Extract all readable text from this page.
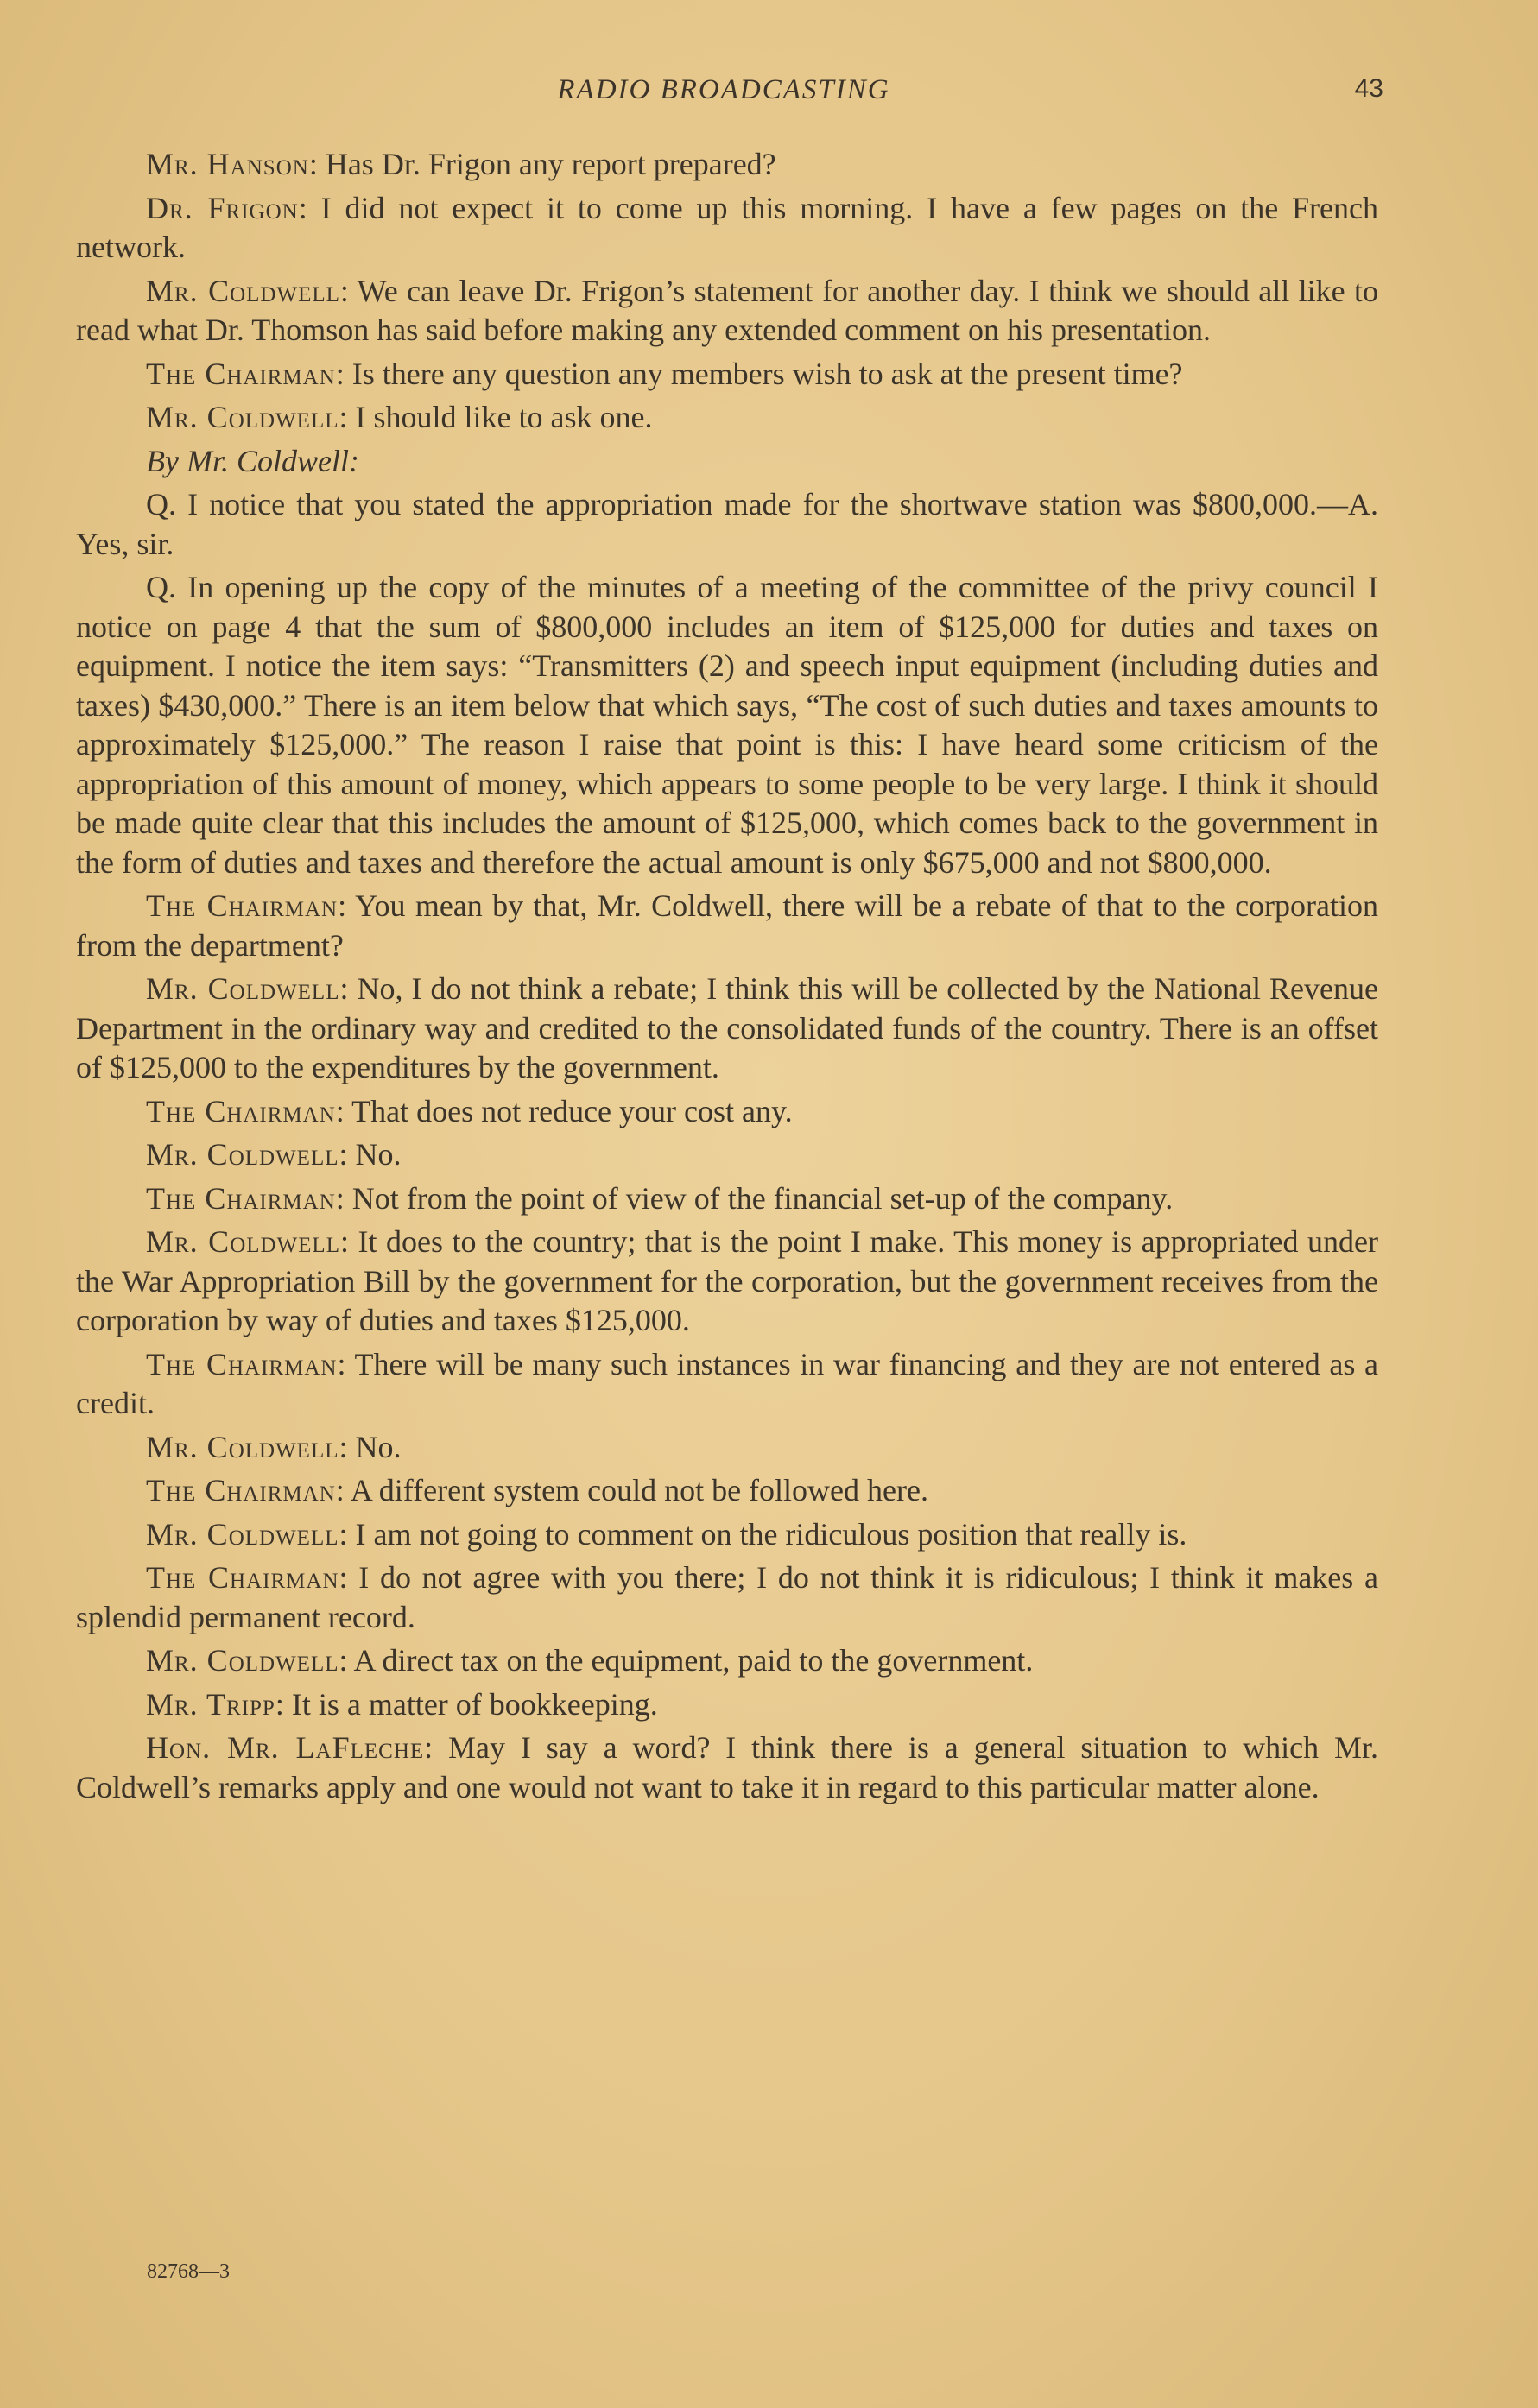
RADIO BROADCASTING	43

Mr. Hanson: Has Dr. Frigon any report prepared?

Dr. Frigon: I did not expect it to come up this morning. I have a few pages on the French network.

Mr. Coldwell: We can leave Dr. Frigon’s statement for another day. I think we should all like to read what Dr. Thomson has said before making any extended comment on his presentation.

The Chairman: Is there any question any members wish to ask at the present time?

Mr. Coldwell: I should like to ask one.

By Mr. Coldwell:

Q. I notice that you stated the appropriation made for the shortwave station was $800,000.—A. Yes, sir.

Q. In opening up the copy of the minutes of a meeting of the committee of the privy council I notice on page 4 that the sum of $800,000 includes an item of $125,000 for duties and taxes on equipment. I notice the item says: “Transmitters (2) and speech input equipment (including duties and taxes) $430,000.” There is an item below that which says, “The cost of such duties and taxes amounts to approximately $125,000.” The reason I raise that point is this: I have heard some criticism of the appropriation of this amount of money, which appears to some people to be very large. I think it should be made quite clear that this includes the amount of $125,000, which comes back to the government in the form of duties and taxes and therefore the actual amount is only $675,000 and not $800,000.

The Chairman: You mean by that, Mr. Coldwell, there will be a rebate of that to the corporation from the department?

Mr. Coldwell: No, I do not think a rebate; I think this will be collected by the National Revenue Department in the ordinary way and credited to the consolidated funds of the country. There is an offset of $125,000 to the expenditures by the government.

The Chairman: That does not reduce your cost any.

Mr. Coldwell: No.

The Chairman: Not from the point of view of the financial set-up of the company.

Mr. Coldwell: It does to the country; that is the point I make. This money is appropriated under the War Appropriation Bill by the government for the corporation, but the government receives from the corporation by way of duties and taxes $125,000.

The Chairman: There will be many such instances in war financing and they are not entered as a credit.

Mr. Coldwell: No.

The Chairman: A different system could not be followed here.

Mr. Coldwell: I am not going to comment on the ridiculous position that really is.

The Chairman: I do not agree with you there; I do not think it is ridiculous; I think it makes a splendid permanent record.

Mr. Coldwell: A direct tax on the equipment, paid to the government.

Mr. Tripp: It is a matter of bookkeeping.

Hon. Mr. LaFleche: May I say a word? I think there is a general situation to which Mr. Coldwell’s remarks apply and one would not want to take it in regard to this particular matter alone.

82768—3
